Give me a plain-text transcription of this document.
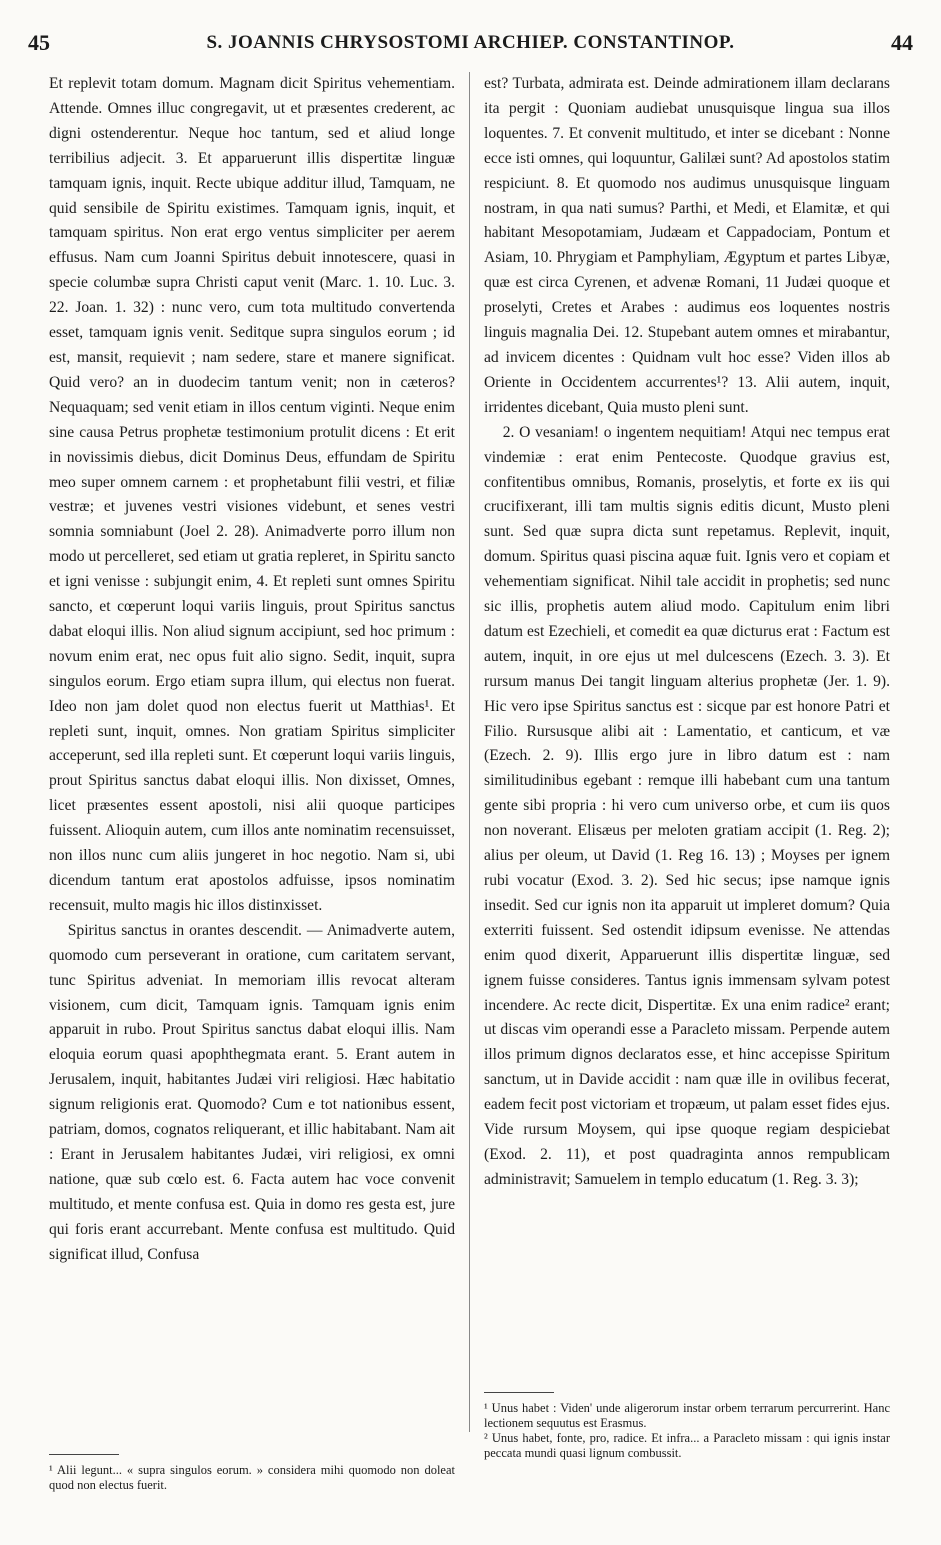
45	S. JOANNIS CHRYSOSTOMI ARCHIEP. CONSTANTINOP.	44

Et replevit totam domum. Magnam dicit Spiritus vehementiam. Attende. Omnes illuc congregavit, ut et præsentes crederent, ac digni ostenderentur. Neque hoc tantum, sed et aliud longe terribilius adjecit. 3. Et apparuerunt illis dispertitæ linguæ tamquam ignis, inquit. Recte ubique additur illud, Tamquam, ne quid sensibile de Spiritu existimes. Tamquam ignis, inquit, et tamquam spiritus. Non erat ergo ventus simpliciter per aerem effusus. Nam cum Joanni Spiritus debuit innotescere, quasi in specie columbæ supra Christi caput venit (Marc. 1. 10. Luc. 3. 22. Joan. 1. 32) : nunc vero, cum tota multitudo convertenda esset, tamquam ignis venit. Seditque supra singulos eorum ; id est, mansit, requievit ; nam sedere, stare et manere significat. Quid vero? an in duodecim tantum venit; non in cæteros? Nequaquam; sed venit etiam in illos centum viginti. Neque enim sine causa Petrus prophetæ testimonium protulit dicens : Et erit in novissimis diebus, dicit Dominus Deus, effundam de Spiritu meo super omnem carnem : et prophetabunt filii vestri, et filiæ vestræ; et juvenes vestri visiones videbunt, et senes vestri somnia somniabunt (Joel 2. 28). Animadverte porro illum non modo ut percelleret, sed etiam ut gratia repleret, in Spiritu sancto et igni venisse : subjungit enim, 4. Et repleti sunt omnes Spiritu sancto, et cœperunt loqui variis linguis, prout Spiritus sanctus dabat eloqui illis. Non aliud signum accipiunt, sed hoc primum : novum enim erat, nec opus fuit alio signo. Sedit, inquit, supra singulos eorum. Ergo etiam supra illum, qui electus non fuerat. Ideo non jam dolet quod non electus fuerit ut Matthias¹. Et repleti sunt, inquit, omnes. Non gratiam Spiritus simpliciter acceperunt, sed illa repleti sunt. Et cœperunt loqui variis linguis, prout Spiritus sanctus dabat eloqui illis. Non dixisset, Omnes, licet præsentes essent apostoli, nisi alii quoque participes fuissent. Alioquin autem, cum illos ante nominatim recensuisset, non illos nunc cum aliis jungeret in hoc negotio. Nam si, ubi dicendum tantum erat apostolos adfuisse, ipsos nominatim recensuit, multo magis hic illos distinxisset.

Spiritus sanctus in orantes descendit. — Animadverte autem, quomodo cum perseverant in oratione, cum caritatem servant, tunc Spiritus adveniat. In memoriam illis revocat alteram visionem, cum dicit, Tamquam ignis. Tamquam ignis enim apparuit in rubo. Prout Spiritus sanctus dabat eloqui illis. Nam eloquia eorum quasi apophthegmata erant. 5. Erant autem in Jerusalem, inquit, habitantes Judæi viri religiosi. Hæc habitatio signum religionis erat. Quomodo? Cum e tot nationibus essent, patriam, domos, cognatos reliquerant, et illic habitabant. Nam ait : Erant in Jerusalem habitantes Judæi, viri religiosi, ex omni natione, quæ sub cœlo est. 6. Facta autem hac voce convenit multitudo, et mente confusa est. Quia in domo res gesta est, jure qui foris erant accurrebant. Mente confusa est multitudo. Quid significat illud, Confusa

¹ Alii legunt... « supra singulos eorum. » considera mihi quomodo non doleat quod non electus fuerit.

est? Turbata, admirata est. Deinde admirationem illam declarans ita pergit : Quoniam audiebat unusquisque lingua sua illos loquentes. 7. Et convenit multitudo, et inter se dicebant : Nonne ecce isti omnes, qui loquuntur, Galilæi sunt? Ad apostolos statim respiciunt. 8. Et quomodo nos audimus unusquisque linguam nostram, in qua nati sumus? Parthi, et Medi, et Elamitæ, et qui habitant Mesopotamiam, Judæam et Cappadociam, Pontum et Asiam, 10. Phrygiam et Pamphyliam, Ægyptum et partes Libyæ, quæ est circa Cyrenen, et advenæ Romani, 11 Judæi quoque et proselyti, Cretes et Arabes : audimus eos loquentes nostris linguis magnalia Dei. 12. Stupebant autem omnes et mirabantur, ad invicem dicentes : Quidnam vult hoc esse? Viden illos ab Oriente in Occidentem accurrentes¹? 13. Alii autem, inquit, irridentes dicebant, Quia musto pleni sunt.

2. O vesaniam! o ingentem nequitiam! Atqui nec tempus erat vindemiæ : erat enim Pentecoste. Quodque gravius est, confitentibus omnibus, Romanis, proselytis, et forte ex iis qui crucifixerant, illi tam multis signis editis dicunt, Musto pleni sunt. Sed quæ supra dicta sunt repetamus. Replevit, inquit, domum. Spiritus quasi piscina aquæ fuit. Ignis vero et copiam et vehementiam significat. Nihil tale accidit in prophetis; sed nunc sic illis, prophetis autem aliud modo. Capitulum enim libri datum est Ezechieli, et comedit ea quæ dicturus erat : Factum est autem, inquit, in ore ejus ut mel dulcescens (Ezech. 3. 3). Et rursum manus Dei tangit linguam alterius prophetæ (Jer. 1. 9). Hic vero ipse Spiritus sanctus est : sicque par est honore Patri et Filio. Rursusque alibi ait : Lamentatio, et canticum, et væ (Ezech. 2. 9). Illis ergo jure in libro datum est : nam similitudinibus egebant : remque illi habebant cum una tantum gente sibi propria : hi vero cum universo orbe, et cum iis quos non noverant. Elisæus per meloten gratiam accipit (1. Reg. 2); alius per oleum, ut David (1. Reg 16. 13) ; Moyses per ignem rubi vocatur (Exod. 3. 2). Sed hic secus; ipse namque ignis insedit. Sed cur ignis non ita apparuit ut impleret domum? Quia exterriti fuissent. Sed ostendit idipsum evenisse. Ne attendas enim quod dixerit, Apparuerunt illis dispertitæ linguæ, sed ignem fuisse consideres. Tantus ignis immensam sylvam potest incendere. Ac recte dicit, Dispertitæ. Ex una enim radice² erant; ut discas vim operandi esse a Paracleto missam. Perpende autem illos primum dignos declaratos esse, et hinc accepisse Spiritum sanctum, ut in Davide accidit : nam quæ ille in ovilibus fecerat, eadem fecit post victoriam et tropæum, ut palam esset fides ejus. Vide rursum Moysem, qui ipse quoque regiam despiciebat (Exod. 2. 11), et post quadraginta annos rempublicam administravit; Samuelem in templo educatum (1. Reg. 3. 3);

¹ Unus habet : Viden' unde aligerorum instar orbem terrarum percurrerint. Hanc lectionem sequutus est Erasmus.

² Unus habet, fonte, pro, radice. Et infra... a Paracleto missam : qui ignis instar peccata mundi quasi lignum combussit.
